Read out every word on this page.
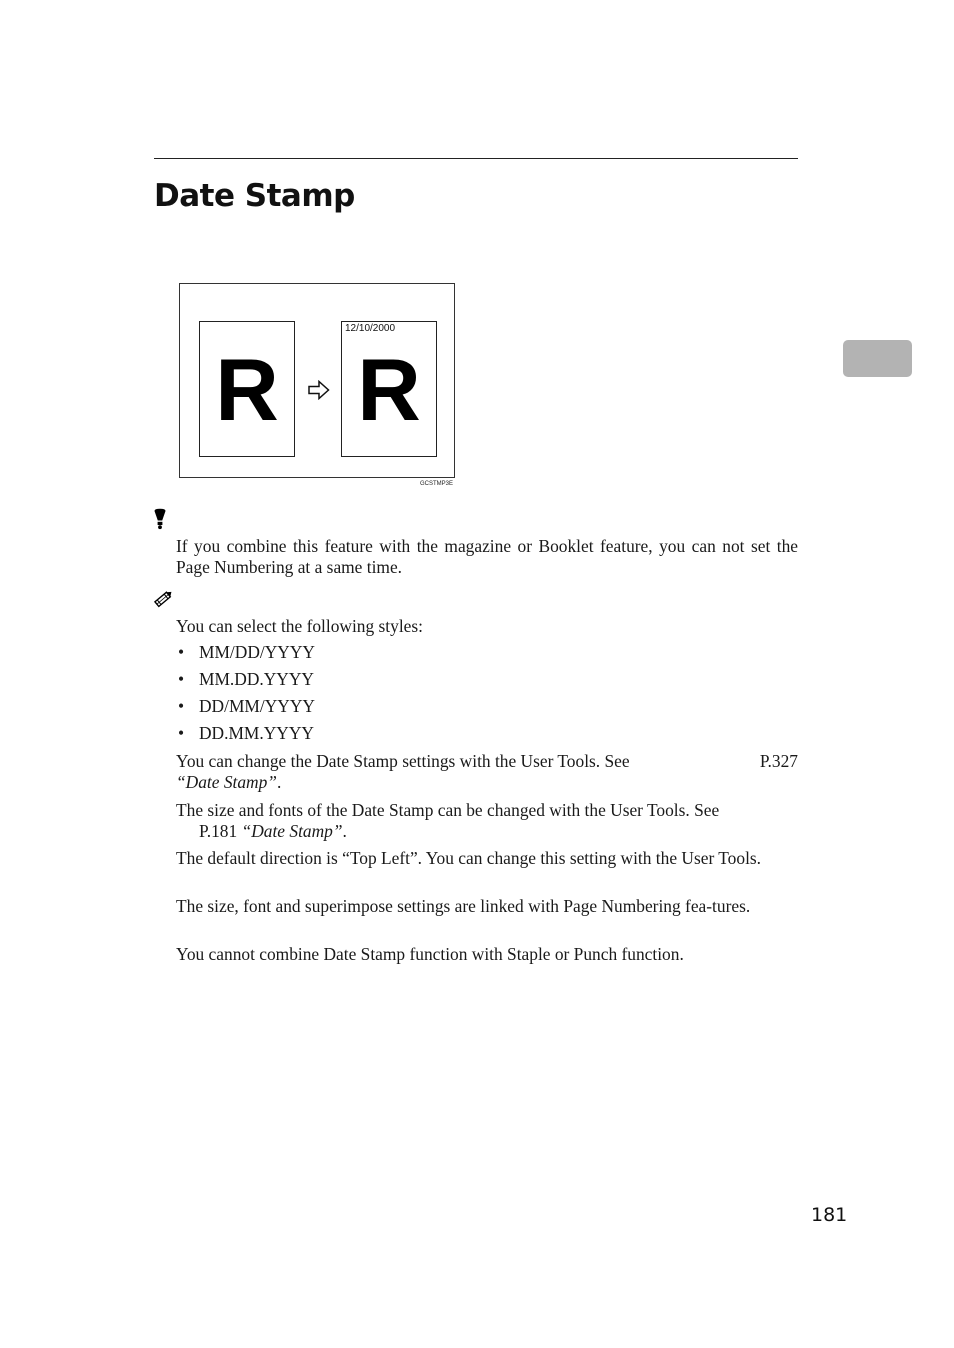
Date Stamp
R
12/10/2000
R
GCSTMP3E

If you combine this feature with the magazine or Booklet feature, you can not set the Page Numbering at a same time.

You can select the following styles:

• MM/DD/YYYY
• MM.DD.YYYY
• DD/MM/YYYY
• DD.MM.YYYY
You can change the Date Stamp settings with the User Tools. See	P.327
“Date Stamp”.
The size and fonts of the Date Stamp can be changed with the User Tools. See
P.181 “Date Stamp”.

The default direction is “Top Left”. You can change this setting with the User Tools.

The size, font and superimpose settings are linked with Page Numbering fea-tures.

You cannot combine Date Stamp function with Staple or Punch function.

181
